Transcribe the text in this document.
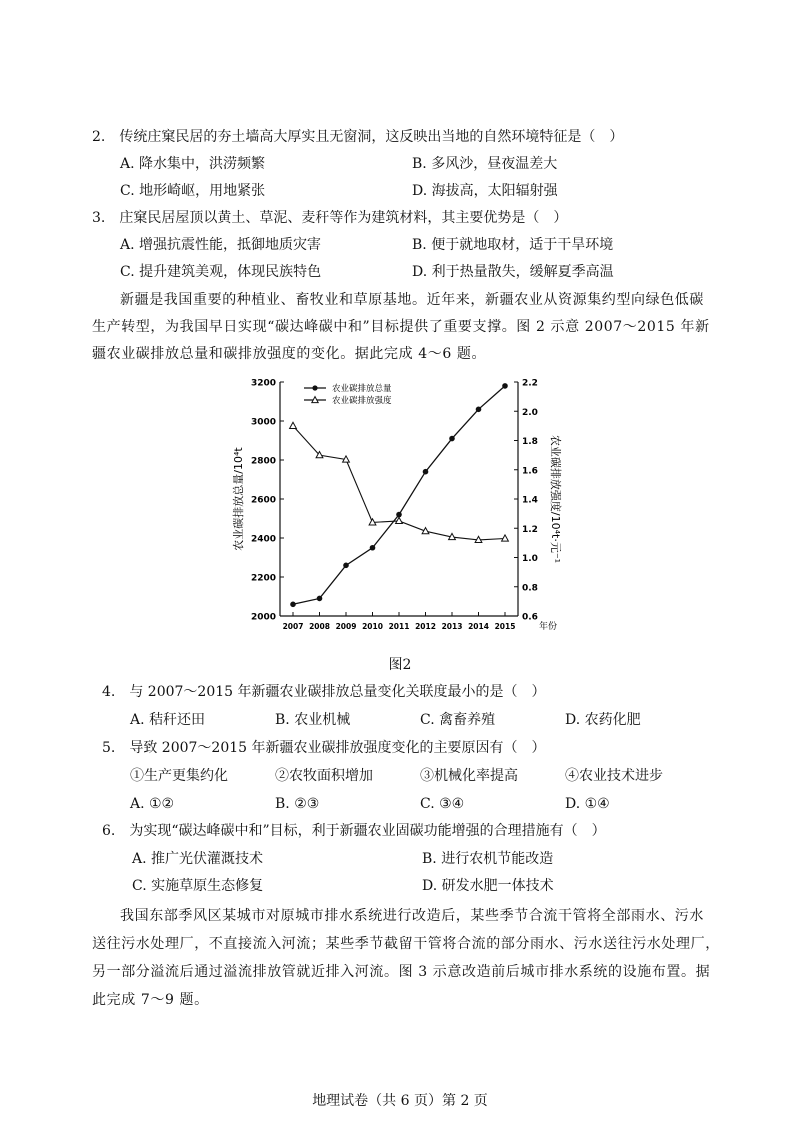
2.　传统庄窠民居的夯土墙高大厚实且无窗洞，这反映出当地的自然环境特征是（　）
A. 降水集中，洪涝频繁	B. 多风沙，昼夜温差大
C. 地形崎岖，用地紧张	D. 海拔高，太阳辐射强
3.　庄窠民居屋顶以黄土、草泥、麦秆等作为建筑材料，其主要优势是（　）
A. 增强抗震性能，抵御地质灾害	B. 便于就地取材，适于干旱环境
C. 提升建筑美观，体现民族特色	D. 利于热量散失，缓解夏季高温
新疆是我国重要的种植业、畜牧业和草原基地。近年来，新疆农业从资源集约型向绿色低碳
生产转型，为我国早日实现“碳达峰碳中和”目标提供了重要支撑。图 2 示意 2007～2015 年新
疆农业碳排放总量和碳排放强度的变化。据此完成 4～6 题。
2000
2200
2400
2600
2800
3000
3200
0.6
0.8
1.0
1.2
1.4
1.6
1.8
2.0
2.2
2007 2008 2009 2010 2011 2012 2013 2014 2015	年份
农业碳排放总量/10⁴t	农业碳排放强度/10⁴t·元⁻¹
农业碳排放总量
农业碳排放强度
图2
4.　与 2007～2015 年新疆农业碳排放总量变化关联度最小的是（　）
A. 秸秆还田	B. 农业机械	C. 禽畜养殖	D. 农药化肥
5.　导致 2007～2015 年新疆农业碳排放强度变化的主要原因有（　）
①生产更集约化	②农牧面积增加	③机械化率提高	④农业技术进步
A. ①②	B. ②③	C. ③④	D. ①④
6.　为实现“碳达峰碳中和”目标，利于新疆农业固碳功能增强的合理措施有（　）
A. 推广光伏灌溉技术	B. 进行农机节能改造
C. 实施草原生态修复	D. 研发水肥一体技术
我国东部季风区某城市对原城市排水系统进行改造后，某些季节合流干管将全部雨水、污水
送往污水处理厂，不直接流入河流；某些季节截留干管将合流的部分雨水、污水送往污水处理厂，
另一部分溢流后通过溢流排放管就近排入河流。图 3 示意改造前后城市排水系统的设施布置。据
此完成 7～9 题。
地理试卷（共 6 页）第 2 页
